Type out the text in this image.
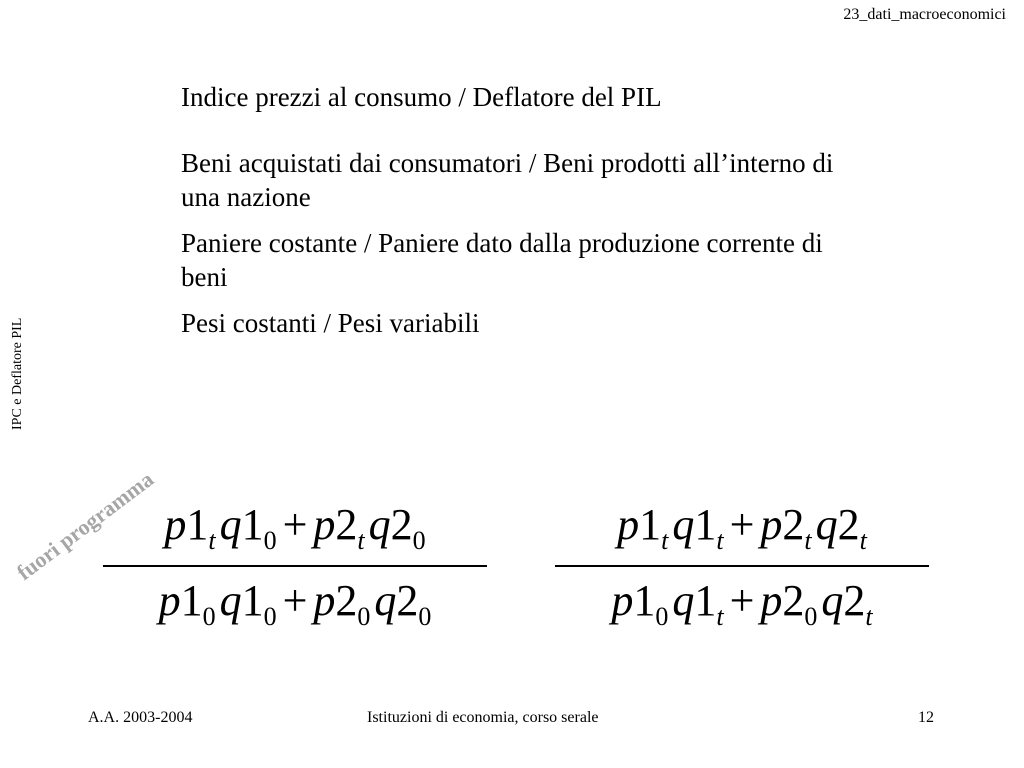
23_dati_macroeconomici
IPC e Deflatore PIL
fuori programma

Indice prezzi al consumo / Deflatore del PIL

Beni acquistati dai consumatori / Beni prodotti all’interno di una nazione

Paniere costante / Paniere dato dalla produzione corrente di beni

Pesi costanti / Pesi variabili

$p1_tq1_0 + p2_tq2_0$
$p1_0q1_0 + p2_0q2_0$
$p1_tq1_t + p2_tq2_t$
$p1_0q1_t + p2_0q2_t$
A.A. 2003-2004	Istituzioni di economia, corso serale	12
